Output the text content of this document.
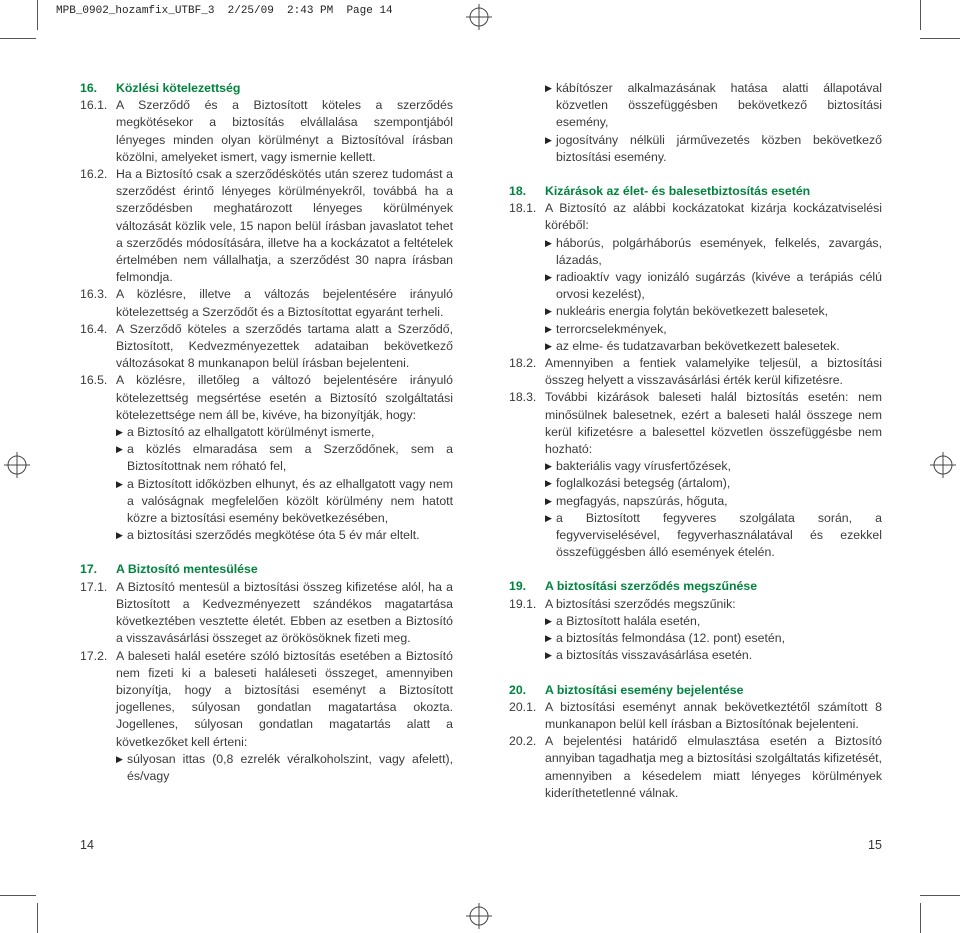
MPB_0902_hozamfix_UTBF_3  2/25/09  2:43 PM  Page 14
16.	Közlési kötelezettség
16.1. A Szerződő és a Biztosított köteles a szerződés megkötésekor a biztosítás elvállalása szempontjából lényeges minden olyan körülményt a Biztosítóval írásban közölni, amelyeket ismert, vagy ismernie kellett.
16.2. Ha a Biztosító csak a szerződéskötés után szerez tudomást a szerződést érintő lényeges körülményekről, továbbá ha a szerződésben meghatározott lényeges körülmények változását közlik vele, 15 napon belül írásban javaslatot tehet a szerződés módosítására, illetve ha a kockázatot a feltételek értelmében nem vállalhatja, a szerződést 30 napra írásban felmondja.
16.3. A közlésre, illetve a változás bejelentésére irányuló kötelezettség a Szerződőt és a Biztosítottat egyaránt terheli.
16.4. A Szerződő köteles a szerződés tartama alatt a Szerződő, Biztosított, Kedvezményezettek adataiban bekövetkező változásokat 8 munkanapon belül írásban bejelenteni.
16.5. A közlésre, illetőleg a változó bejelentésére irányuló kötelezettség megsértése esetén a Biztosító szolgáltatási kötelezettsége nem áll be, kivéve, ha bizonyítják, hogy:
▶ a Biztosító az elhallgatott körülményt ismerte,
▶ a közlés elmaradása sem a Szerződőnek, sem a Biztosítottnak nem róható fel,
▶ a Biztosított időközben elhunyt, és az elhallgatott vagy nem a valóságnak megfelelően közölt körülmény nem hatott közre a biztosítási esemény bekövetkezésében,
▶ a biztosítási szerződés megkötése óta 5 év már eltelt.
17.	A Biztosító mentesülése
17.1. A Biztosító mentesül a biztosítási összeg kifizetése alól, ha a Biztosított a Kedvezményezett szándékos magatartása következtében vesztette életét. Ebben az esetben a Biztosító a visszavásárlási összeget az örökösöknek fizeti meg.
17.2. A baleseti halál esetére szóló biztosítás esetében a Biztosító nem fizeti ki a baleseti haláleseti összeget, amennyiben bizonyítja, hogy a biztosítási eseményt a Biztosított jogellenes, súlyosan gondatlan magatartása okozta. Jogellenes, súlyosan gondatlan magatartás alatt a következőket kell érteni:
▶ súlyosan ittas (0,8 ezrelék véralkoholszint, vagy afelett), és/vagy
14
▶ kábítószer alkalmazásának hatása alatti állapotával közvetlen összefüggésben bekövetkező biztosítási esemény,
▶ jogosítvány nélküli járművezetés közben bekövetkező biztosítási esemény.
18.	Kizárások az élet- és balesetbiztosítás esetén
18.1. A Biztosító az alábbi kockázatokat kizárja kockázatviselési köréből:
▶ háborús, polgárháborús események, felkelés, zavargás, lázadás,
▶ radioaktív vagy ionizáló sugárzás (kivéve a terápiás célú orvosi kezelést),
▶ nukleáris energia folytán bekövetkezett balesetek,
▶ terrorcselekmények,
▶ az elme- és tudatzavarban bekövetkezett balesetek.
18.2. Amennyiben a fentiek valamelyike teljesül, a biztosítási összeg helyett a visszavásárlási érték kerül kifizetésre.
18.3. További kizárások baleseti halál biztosítás esetén: nem minősülnek balesetnek, ezért a baleseti halál összege nem kerül kifizetésre a balesettel közvetlen összefüggésbe nem hozható:
▶ bakteriális vagy vírusfertőzések,
▶ foglalkozási betegség (ártalom),
▶ megfagyás, napszúrás, hőguta,
▶ a Biztosított fegyveres szolgálata során, a fegyverviselésével, fegyverhasználatával és ezekkel összefüggésben álló események ételén.
19.	A biztosítási szerződés megszűnése
19.1. A biztosítási szerződés megszűnik:
▶ a Biztosított halála esetén,
▶ a biztosítás felmondása (12. pont) esetén,
▶ a biztosítás visszavásárlása esetén.
20.	A biztosítási esemény bejelentése
20.1. A biztosítási eseményt annak bekövetkeztétől számított 8 munkanapon belül kell írásban a Biztosítónak bejelenteni.
20.2. A bejelentési határidő elmulasztása esetén a Biztosító annyiban tagadhatja meg a biztosítási szolgáltatás kifizetését, amennyiben a késedelem miatt lényeges körülmények kideríthetetlenné válnak.
15
